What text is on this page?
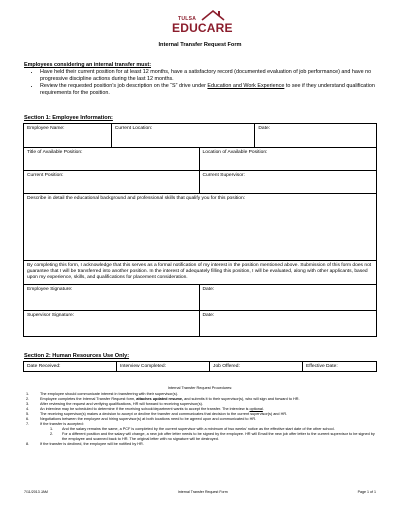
TULSA
EDUCARE
Internal Transfer Request Form
Employees considering an internal transfer must:
• Have held their current position for at least 12 months, have a satisfactory record (documented evaluation of job performance) and have no progressive discipline actions during the last 12 months.
• Review the requested position’s job description on the “S” drive under Education and Work Experience to see if they understand qualification requirements for the position.
Section 1: Employee Information:
Employee Name:	Current Location:		Date:
Title of Available Position:		Location of Available Position:	
Current Position:		Current Supervisor:	
Describe in detail the educational background and professional skills that qualify you for this position:			
By completing this form, I acknowledge that this serves as a formal notification of my interest in the position mentioned above. Submission of this form does not guarantee that I will be transferred into another position. In the interest of adequately filling this position, I will be evaluated, along with other applicants, based upon my experience, skills, and qualifications for placement consideration.			
Employee Signature:		Date:	
Supervisor Signature:		Date:	
Section 2: Human Resources Use Only:
Date Received:	Interview Completed:	Job Offered:	Effective Date:
Internal Transfer Request Procedures:
1.	The employee should communicate interest in transferring with their supervisor(s).
2.	Employee completes the Internal Transfer Request form, attaches updated resume, and submits it to their supervisor(s), who will sign and forward to HR.
3.	After reviewing the request and verifying qualifications, HR will forward to receiving supervisor(s).
4.	An interview may be scheduled to determine if the receiving school/department wants to accept the transfer. The interview is optional.
5.	The receiving supervisor(s) makes a decision to accept or decline the transfer and communicates that decision to the current supervisor(s) and HR.
6.	Negotiations between the employee and hiring supervisor(s) at both locations need to be agreed upon and communicated to HR.
7.	If the transfer is accepted:
1.	And the salary remains the same, a PCF is completed by the current supervisor with a minimum of two weeks’ notice as the effective start date of the other school.
2.	For a different position and the salary will change, a new job offer letter needs to be signed by the employee. HR will Email the new job offer letter to the current supervisor to be signed by the employee and scanned back to HR. The original letter with no signature will be destroyed.
8.	If the transfer is declined, the employee will be notified by HR.
7/11/2013 JAM	Internal Transfer Request Form	Page 1 of 1
